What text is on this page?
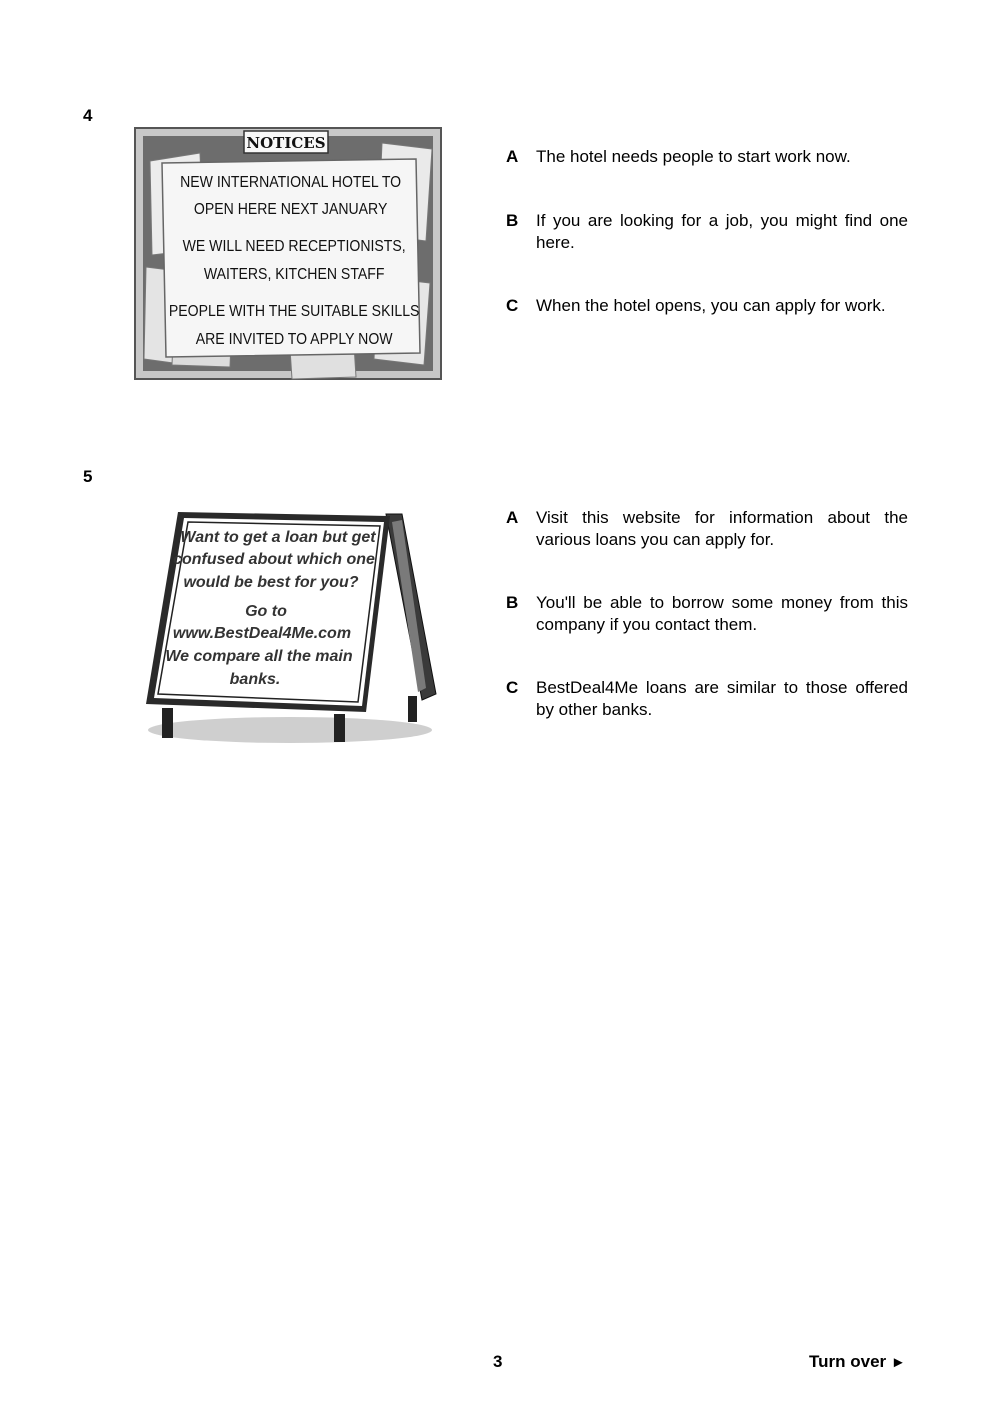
4
NOTICES
NEW INTERNATIONAL HOTEL TO
OPEN HERE NEXT JANUARY
WE WILL NEED RECEPTIONISTS,
WAITERS, KITCHEN STAFF
PEOPLE WITH THE SUITABLE SKILLS
ARE INVITED TO APPLY NOW
A	The hotel needs people to start work now.
B	If you are looking for a job, you might find one here.
C	When the hotel opens, you can apply for work.
5
Want to get a loan but get
confused about which one
would be best for you?
Go to
www.BestDeal4Me.com
We compare all the main
banks.
A	Visit this website for information about the various loans you can apply for.
B	You'll be able to borrow some money from this company if you contact them.
C	BestDeal4Me loans are similar to those offered by other banks.
3	Turn over ►
